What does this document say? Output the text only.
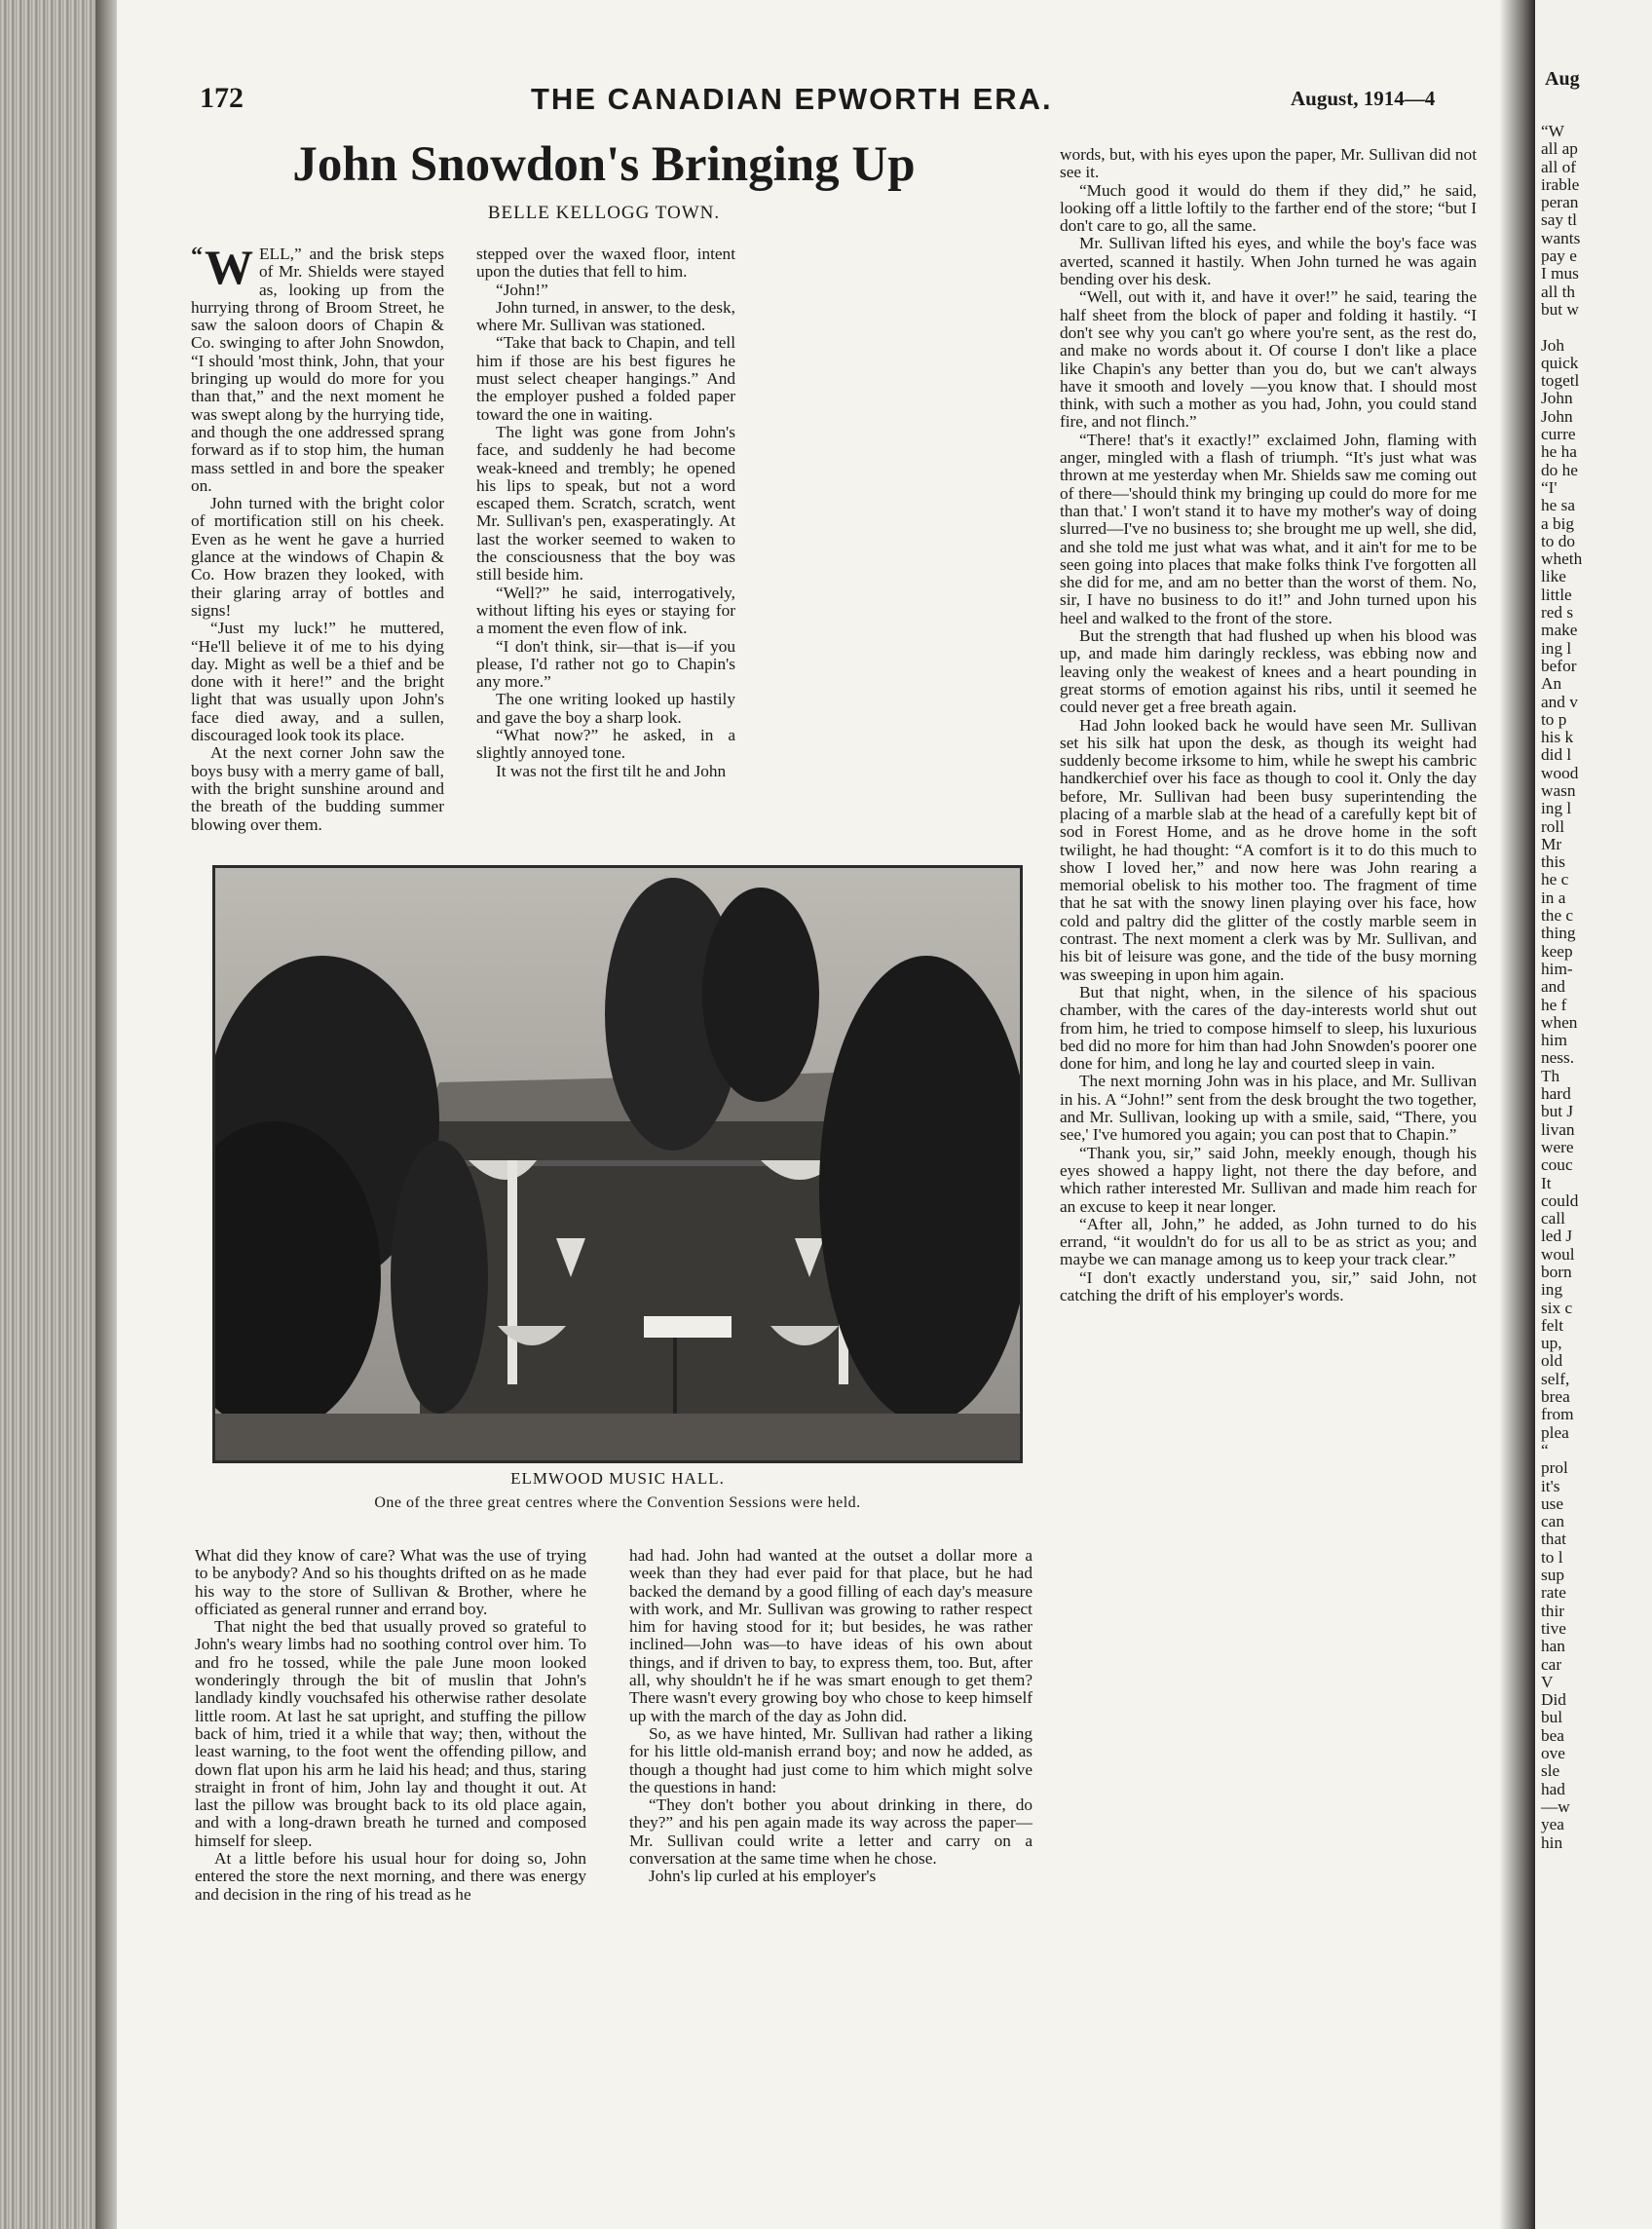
172	THE CANADIAN EPWORTH ERA.	August, 1914—4
John Snowdon's Bringing Up
BELLE KELLOGG TOWN.
“ W ELL,” and the brisk steps of Mr. Shields were stayed as, looking up from the hurrying throng of Broom Street, he saw the saloon doors of Chapin & Co. swinging to after John Snowdon, “I should 'most think, John, that your bringing up would do more for you than that,” and the next moment he was swept along by the hurrying tide, and though the one addressed sprang forward as if to stop him, the human mass settled in and bore the speaker on.

John turned with the bright color of mortification still on his cheek. Even as he went he gave a hurried glance at the windows of Chapin & Co. How brazen they looked, with their glaring array of bottles and signs!

“Just my luck!” he muttered, “He'll believe it of me to his dying day. Might as well be a thief and be done with it here!” and the bright light that was usually upon John's face died away, and a sullen, discouraged look took its place.

At the next corner John saw the boys busy with a merry game of ball, with the bright sunshine around and the breath of the budding summer blowing over them.

stepped over the waxed floor, intent upon the duties that fell to him.

“John!”

John turned, in answer, to the desk, where Mr. Sullivan was stationed.

“Take that back to Chapin, and tell him if those are his best figures he must select cheaper hangings.” And the employer pushed a folded paper toward the one in waiting.

The light was gone from John's face, and suddenly he had become weak-kneed and trembly; he opened his lips to speak, but not a word escaped them. Scratch, scratch, went Mr. Sullivan's pen, exasperatingly. At last the worker seemed to waken to the consciousness that the boy was still beside him.

“Well?” he said, interrogatively, without lifting his eyes or staying for a moment the even flow of ink.

“I don't think, sir—that is—if you please, I'd rather not go to Chapin's any more.”

The one writing looked up hastily and gave the boy a sharp look.

“What now?” he asked, in a slightly annoyed tone.

It was not the first tilt he and John

words, but, with his eyes upon the paper, Mr. Sullivan did not see it.

“Much good it would do them if they did,” he said, looking off a little loftily to the farther end of the store; “but I don't care to go, all the same.

Mr. Sullivan lifted his eyes, and while the boy's face was averted, scanned it hastily. When John turned he was again bending over his desk.

“Well, out with it, and have it over!” he said, tearing the half sheet from the block of paper and folding it hastily. “I don't see why you can't go where you're sent, as the rest do, and make no words about it. Of course I don't like a place like Chapin's any better than you do, but we can't always have it smooth and lovely —you know that. I should most think, with such a mother as you had, John, you could stand fire, and not flinch.”

“There! that's it exactly!” exclaimed John, flaming with anger, mingled with a flash of triumph. “It's just what was thrown at me yesterday when Mr. Shields saw me coming out of there—'should think my bringing up could do more for me than that.' I won't stand it to have my mother's way of doing slurred—I've no business to; she brought me up well, she did, and she told me just what was what, and it ain't for me to be seen going into places that make folks think I've forgotten all she did for me, and am no better than the worst of them. No, sir, I have no business to do it!” and John turned upon his heel and walked to the front of the store.

But the strength that had flushed up when his blood was up, and made him daringly reckless, was ebbing now and leaving only the weakest of knees and a heart pounding in great storms of emotion against his ribs, until it seemed he could never get a free breath again.

Had John looked back he would have seen Mr. Sullivan set his silk hat upon the desk, as though its weight had suddenly become irksome to him, while he swept his cambric handkerchief over his face as though to cool it. Only the day before, Mr. Sullivan had been busy superintending the placing of a marble slab at the head of a carefully kept bit of sod in Forest Home, and as he drove home in the soft twilight, he had thought: “A comfort is it to do this much to show I loved her,” and now here was John rearing a memorial obelisk to his mother too. The fragment of time that he sat with the snowy linen playing over his face, how cold and paltry did the glitter of the costly marble seem in contrast. The next moment a clerk was by Mr. Sullivan, and his bit of leisure was gone, and the tide of the busy morning was sweeping in upon him again.

But that night, when, in the silence of his spacious chamber, with the cares of the day-interests world shut out from him, he tried to compose himself to sleep, his luxurious bed did no more for him than had John Snowden's poorer one done for him, and long he lay and courted sleep in vain.

The next morning John was in his place, and Mr. Sullivan in his. A “John!” sent from the desk brought the two together, and Mr. Sullivan, looking up with a smile, said, “There, you see,' I've humored you again; you can post that to Chapin.”

“Thank you, sir,” said John, meekly enough, though his eyes showed a happy light, not there the day before, and which rather interested Mr. Sullivan and made him reach for an excuse to keep it near longer.

“After all, John,” he added, as John turned to do his errand, “it wouldn't do for us all to be as strict as you; and maybe we can manage among us to keep your track clear.”

“I don't exactly understand you, sir,” said John, not catching the drift of his employer's words.

ELMWOOD MUSIC HALL.
One of the three great centres where the Convention Sessions were held.

What did they know of care? What was the use of trying to be anybody? And so his thoughts drifted on as he made his way to the store of Sullivan & Brother, where he officiated as general runner and errand boy.

That night the bed that usually proved so grateful to John's weary limbs had no soothing control over him. To and fro he tossed, while the pale June moon looked wonderingly through the bit of muslin that John's landlady kindly vouchsafed his otherwise rather desolate little room. At last he sat upright, and stuffing the pillow back of him, tried it a while that way; then, without the least warning, to the foot went the offending pillow, and down flat upon his arm he laid his head; and thus, staring straight in front of him, John lay and thought it out. At last the pillow was brought back to its old place again, and with a long-drawn breath he turned and composed himself for sleep.

At a little before his usual hour for doing so, John entered the store the next morning, and there was energy and decision in the ring of his tread as he

had had. John had wanted at the outset a dollar more a week than they had ever paid for that place, but he had backed the demand by a good filling of each day's measure with work, and Mr. Sullivan was growing to rather respect him for having stood for it; but besides, he was rather inclined—John was—to have ideas of his own about things, and if driven to bay, to express them, too. But, after all, why shouldn't he if he was smart enough to get them? There wasn't every growing boy who chose to keep himself up with the march of the day as John did.

So, as we have hinted, Mr. Sullivan had rather a liking for his little old-manish errand boy; and now he added, as though a thought had just come to him which might solve the questions in hand:

“They don't bother you about drinking in there, do they?” and his pen again made its way across the paper—Mr. Sullivan could write a letter and carry on a conversation at the same time when he chose.

John's lip curled at his employer's

Aug
“W
all ap
all of
irable
peran
say tl
wants
pay e
I mus
all th
but w

Joh
quick
togetl
John
John
curre
he ha
do he
“I'
he sa
a big
to do
wheth
like
little
red s
make
ing l
befor
An
and v
to p
his k
did l
wood
wasn
ing l
roll
Mr
this
he c
in a
the c
thing
keep
him-
and
he f
when
him
ness.
Th
hard
but J
livan
were
couc
It
could
call
led J
woul
born
ing
six c
felt
up,
old
self,
brea
from
plea
“
prol
it's
use
can
that
to l
sup
rate
thir
tive
han
car
V
Did
bul
bea
ove
sle
had
—w
yea
hin
